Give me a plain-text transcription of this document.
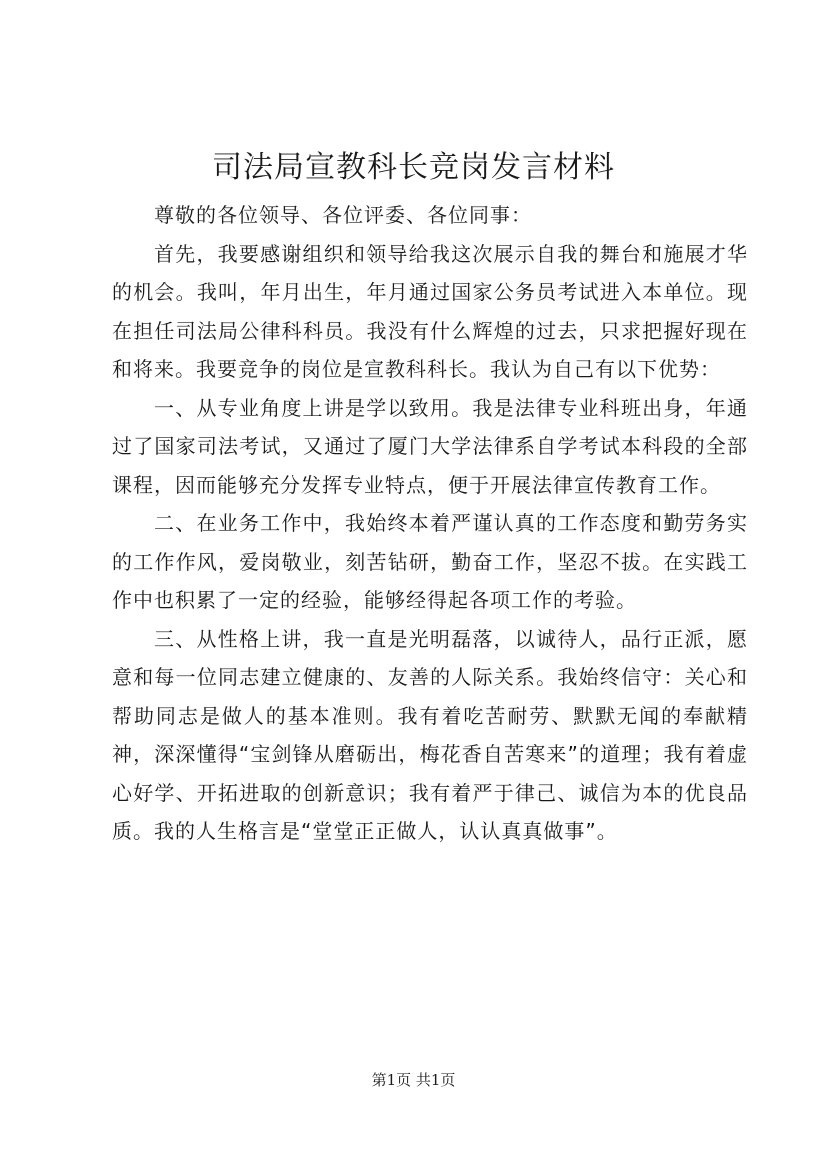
司法局宣教科长竞岗发言材料

尊敬的各位领导、各位评委、各位同事：

首先，我要感谢组织和领导给我这次展示自我的舞台和施展才华的机会。我叫，年月出生，年月通过国家公务员考试进入本单位。现在担任司法局公律科科员。我没有什么辉煌的过去，只求把握好现在和将来。我要竞争的岗位是宣教科科长。我认为自己有以下优势：

一、从专业角度上讲是学以致用。我是法律专业科班出身，年通过了国家司法考试，又通过了厦门大学法律系自学考试本科段的全部课程，因而能够充分发挥专业特点，便于开展法律宣传教育工作。

二、在业务工作中，我始终本着严谨认真的工作态度和勤劳务实的工作作风，爱岗敬业，刻苦钻研，勤奋工作，坚忍不拔。在实践工作中也积累了一定的经验，能够经得起各项工作的考验。

三、从性格上讲，我一直是光明磊落，以诚待人，品行正派，愿意和每一位同志建立健康的、友善的人际关系。我始终信守：关心和帮助同志是做人的基本准则。我有着吃苦耐劳、默默无闻的奉献精神，深深懂得“宝剑锋从磨砺出，梅花香自苦寒来”的道理；我有着虚心好学、开拓进取的创新意识；我有着严于律己、诚信为本的优良品质。我的人生格言是“堂堂正正做人，认认真真做事”。

第1页 共1页
